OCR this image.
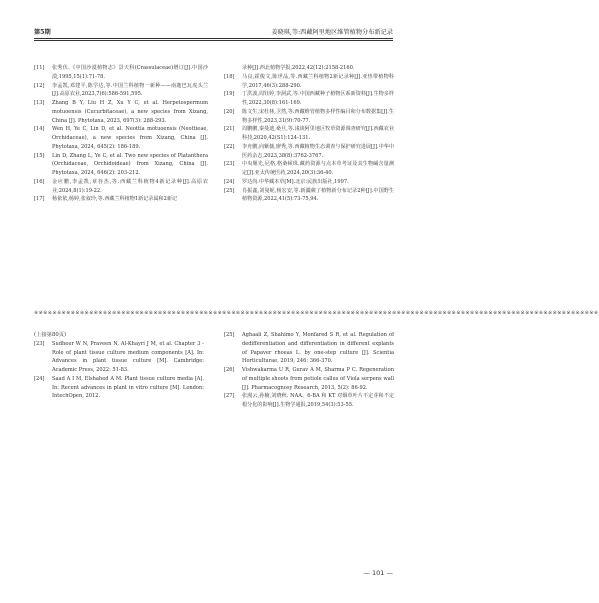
第5期	姜晓琪,等:西藏阿里地区维管植物分布新记录
[11]	张秀伏.《中国沙漠植物志》景天科(Crassulaceae)增订[J].中国沙漠,1995,15(1):71-78.
[12]	李孟凯,邓建平,陈学达,等.中国兰科植物一新种——南迦巴瓦虎头兰[J].高原农业,2023,7(6):586-591,595.
[13]	Zhang B Y, Liu H Z, Xu Y C, et al. Herpetospermum motuoensis (Cucurbitaceae), a new species from Xizang, China [J]. Phytotaxa, 2023, 697(3): 288-293.
[14]	Wen H, Ye C, Lin D, et al. Neottia motuoensis (Neottieae, Orchidaceae), a new species from Xizang, China [J]. Phytotaxa, 2024, 645(2): 186-189.
[15]	Lin D, Zhang L, Ye C, et al. Two new species of Platanthera (Orchidaceae, Orchidoideae) from Xizang, China [J]. Phytotaxa, 2024, 646(2): 203-212.
[16]	金应鹏,李孟凯,章谷杰,等.西藏兰科植物4新记录种[J].高原农业,2024,8(1):19-22.
[17]	杨依依,杨婷,张叙玲,等.西藏兰科植物1新记录属和2新记
录种[J].西北植物学报,2022,42(12):2158-2160.
[18]	马良,霍俊文,陈世品,等.西藏兰科植物2新记录种[J].亚热带植物科学,2017,46(3):288-290.
[19]	丁洪波,周钰婷,李洞武,等.中国西藏种子植物区系新资料[J].生物多样性,2022,30(8):161-169.
[20]	陈文生,宋杜林,卫然,等.西藏维管植物多样性编目和分布数据集[J].生物多样性,2023,31(9):70-77.
[21]	周鹏鹏,秦曼迪,桑旦,等.浅谈阿里地区牧草资源调查研究[J].西藏农业科技,2020,42(S1):124-131.
[22]	李舟鹏,向紫薇,廖秀,等.西藏植物生态调查与保护研究进展[J].中华中医药杂志,2023,38(8):3762-3767.
[23]	中央堰光,尼格,格桑顿珠.藏药资源与点本草考证及其生物碱含量测定[J].亚太传统医药,2024,20(3):36-40.
[24]	罗达尚.中华藏本草[M].北京:民族出版社,1997.
[25]	肖振鑫,刘曼妮,杨宏安,等.新疆蕨了植物新分布记录2种[J].中国野生植物资源,2022,41(5):73-75,94.
※※※※※※※※※※※※※※※※※※※※※※※※※※※※※※※※※※※※※※※※※※※※※※※※※※※※※※※※※※※※※※※※※※※※※※※※※※※※※※※※※※※※※※※※※※※※※※※※※※※※※※※※※※※※※※※※※※※※※※※※※※※
(上接第80页)
[23]	Sudheer W N, Praveen N, Al-Khayri J M, et al. Chapter 3 - Role of plant tissue culture medium components [A]. In: Advances in plant tissue culture [M]. Cambridge: Academic Press, 2022: 51-83.
[24]	Saad A I M, Elshahed A M. Plant tissue culture media [A]. In: Recent advances in plant in vitro culture [M]. London: IntechOpen, 2012.
[25]	Aghaali Z, Shahimo Y, Monfared S R, et al. Regulation of dedifferentiation and differentiation in different explants of Papaver rhoeas L. by one-step culture [J]. Scientia Horticulturae, 2019, 246: 366-370.
[26]	Vishwakarma U R, Gurav A M, Sharma P C. Regeneration of multiple shoots from petiole callus of Viola serpens wall [J]. Pharmacognosy Research, 2013, 5(2): 86-92.
[27]	张漫云,孙楠,刘晓秋. NAA、6-BA 和 KT 对烟草叶片不定芽和不定根分化的影响[J].生物学通报,2019,54(3):53-55.
— 101 —
